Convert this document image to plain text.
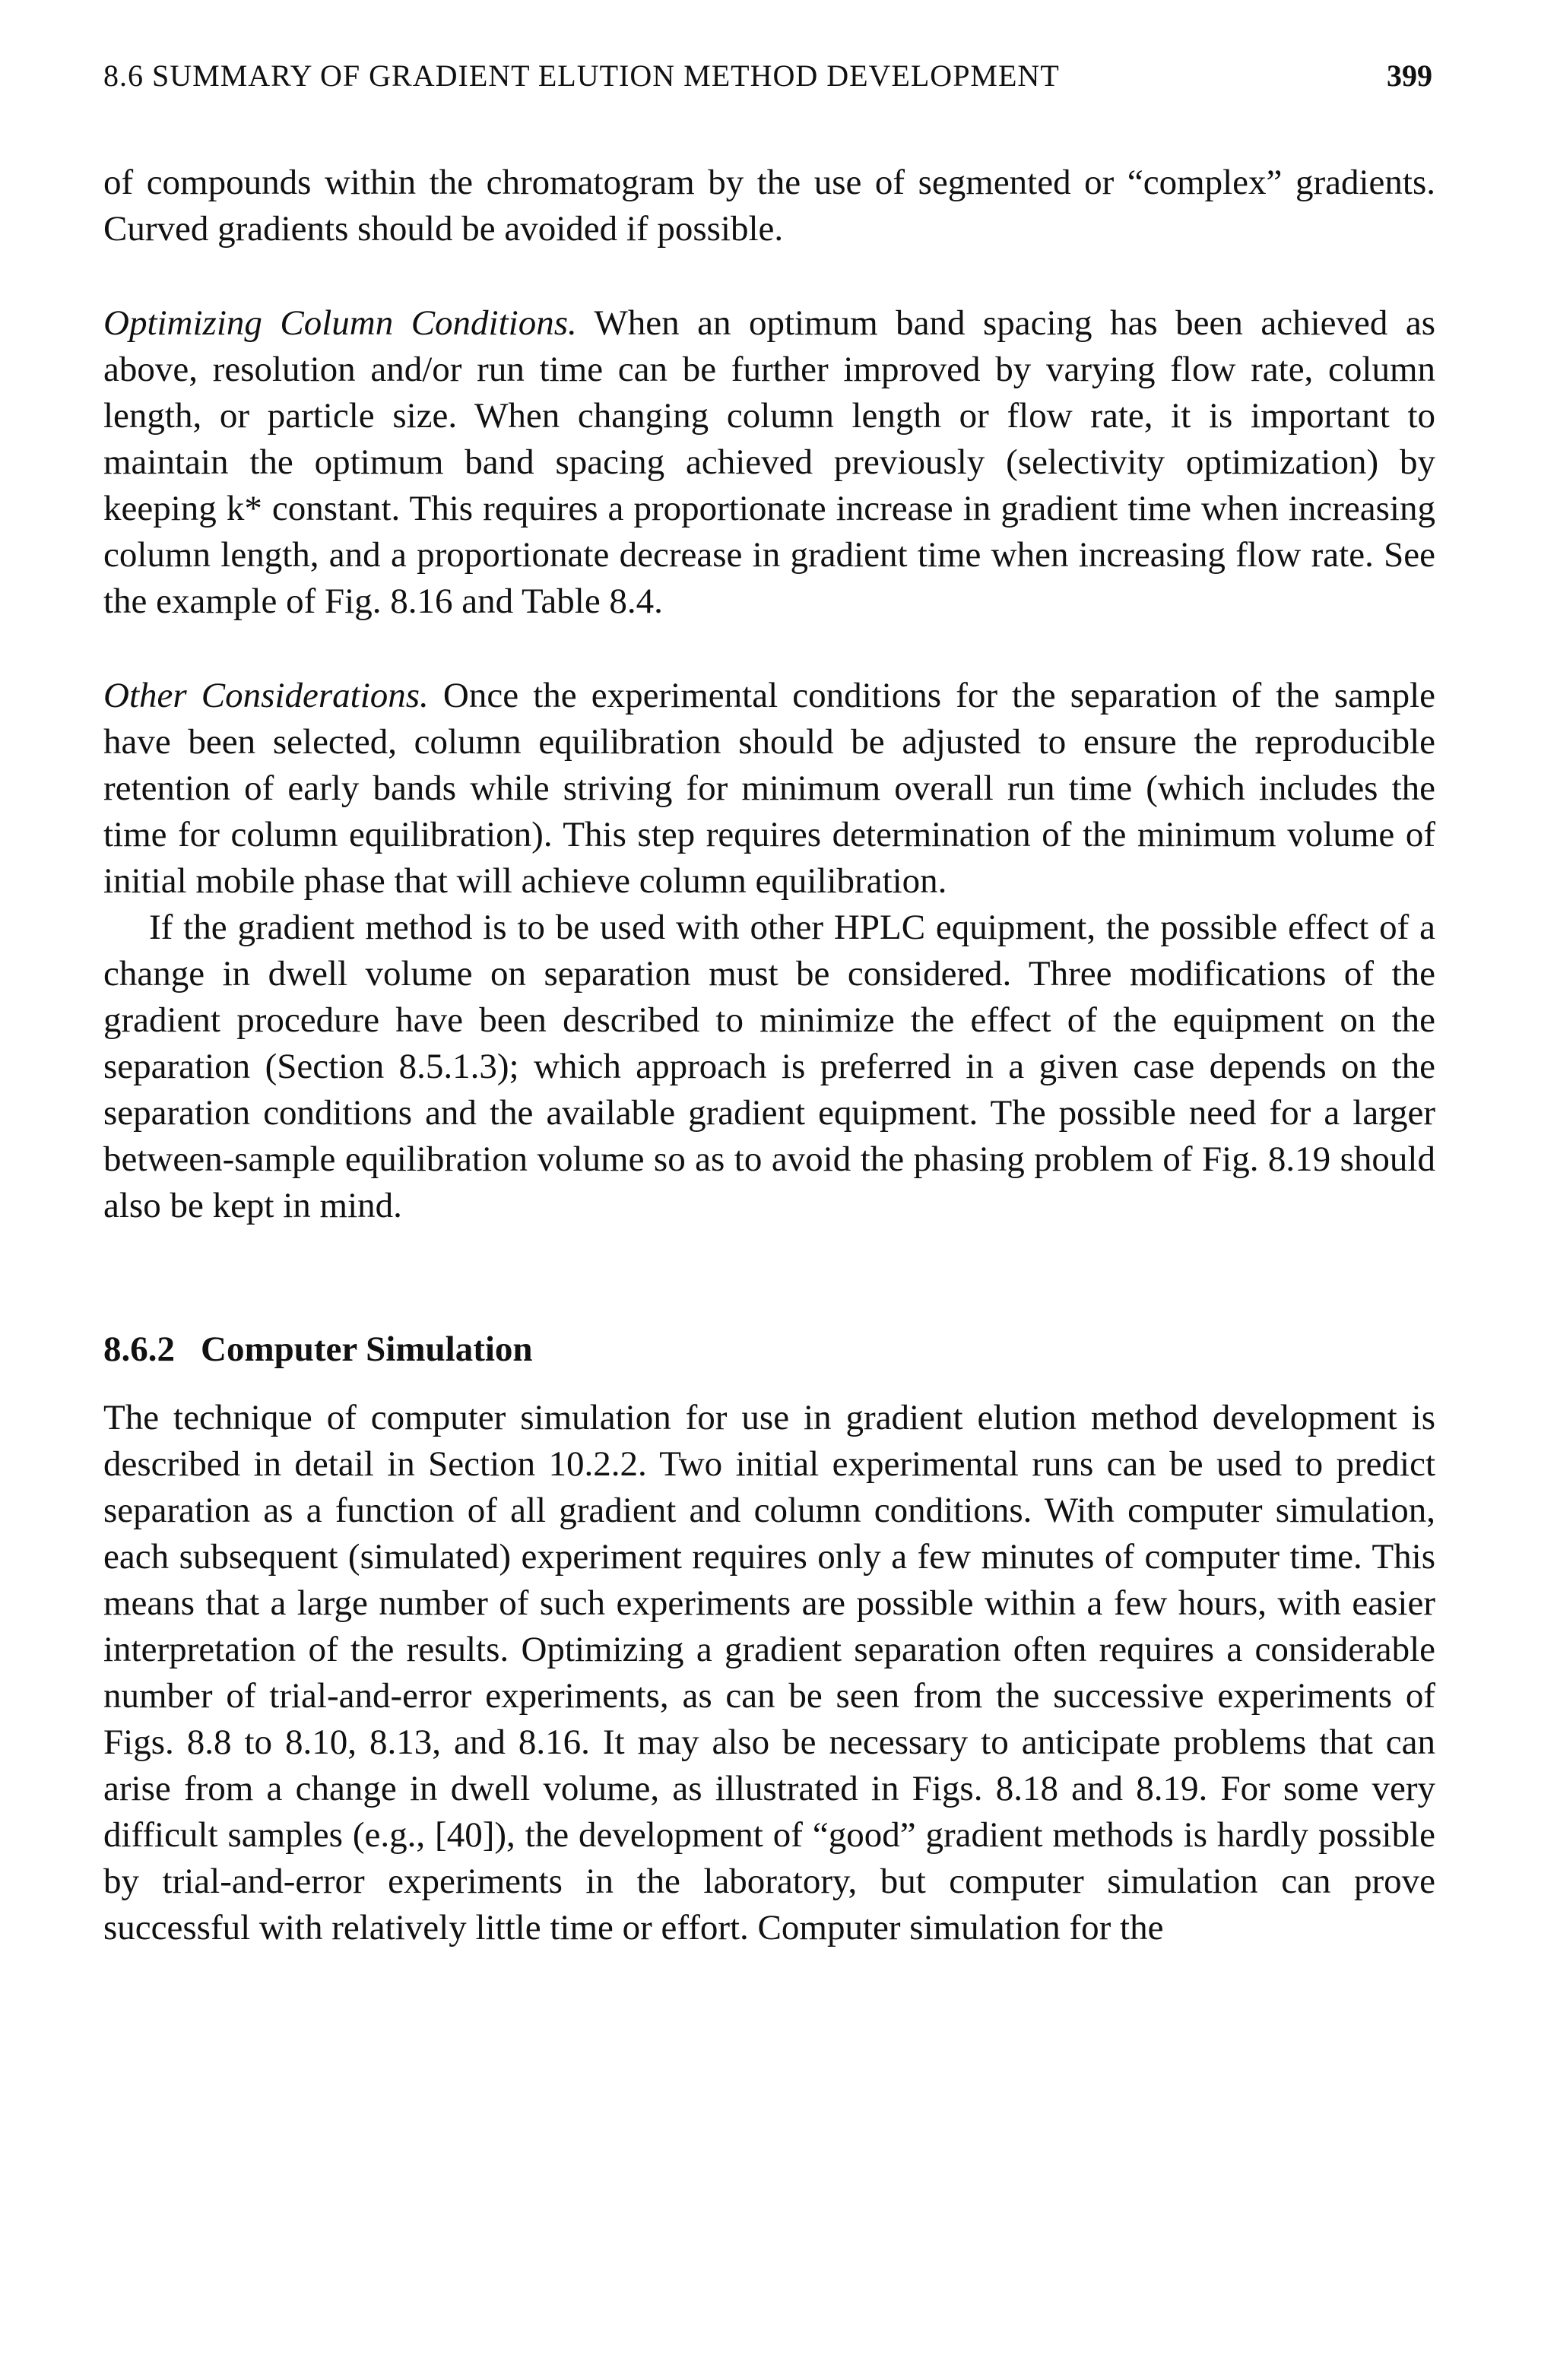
8.6 SUMMARY OF GRADIENT ELUTION METHOD DEVELOPMENT	399

of compounds within the chromatogram by the use of segmented or “complex” gradients. Curved gradients should be avoided if possible.

Optimizing Column Conditions. When an optimum band spacing has been achieved as above, resolution and/or run time can be further improved by varying flow rate, column length, or particle size. When changing column length or flow rate, it is important to maintain the optimum band spacing achieved previously (selectivity optimization) by keeping k* constant. This requires a proportionate increase in gradient time when increasing column length, and a proportionate decrease in gradient time when increasing flow rate. See the example of Fig. 8.16 and Table 8.4.

Other Considerations. Once the experimental conditions for the separation of the sample have been selected, column equilibration should be adjusted to ensure the reproducible retention of early bands while striving for minimum overall run time (which includes the time for column equilibration). This step requires determination of the minimum volume of initial mobile phase that will achieve column equilibration.

If the gradient method is to be used with other HPLC equipment, the possible effect of a change in dwell volume on separation must be considered. Three modifications of the gradient procedure have been described to minimize the effect of the equipment on the separation (Section 8.5.1.3); which approach is preferred in a given case depends on the separation conditions and the available gradient equipment. The possible need for a larger between-sample equilibration volume so as to avoid the phasing problem of Fig. 8.19 should also be kept in mind.

8.6.2 Computer Simulation

The technique of computer simulation for use in gradient elution method development is described in detail in Section 10.2.2. Two initial experimental runs can be used to predict separation as a function of all gradient and column conditions. With computer simulation, each subsequent (simulated) experiment requires only a few minutes of computer time. This means that a large number of such experiments are possible within a few hours, with easier interpretation of the results. Optimizing a gradient separation often requires a considerable number of trial-and-error experiments, as can be seen from the successive experiments of Figs. 8.8 to 8.10, 8.13, and 8.16. It may also be necessary to anticipate problems that can arise from a change in dwell volume, as illustrated in Figs. 8.18 and 8.19. For some very difficult samples (e.g., [40]), the development of “good” gradient methods is hardly possible by trial-and-error experiments in the laboratory, but computer simulation can prove successful with relatively little time or effort. Computer simulation for the
